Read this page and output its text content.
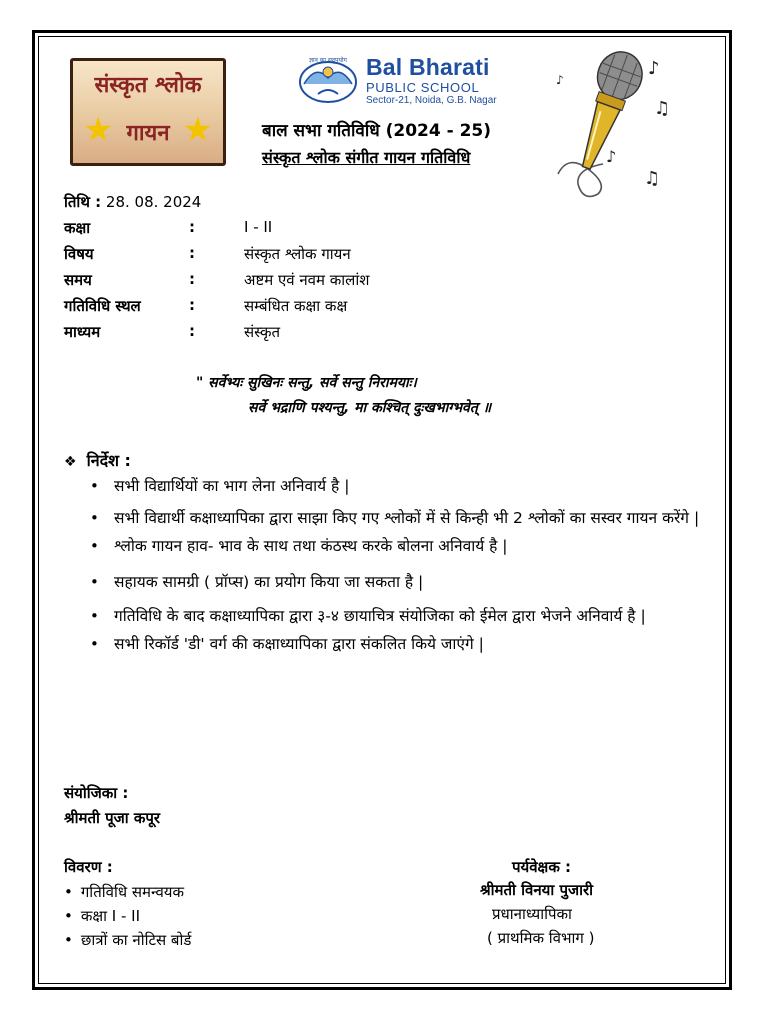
संस्कृत श्लोक
★ गायन ★
ज्ञान का सदुपयोग Bal Bharati
PUBLIC SCHOOL
Sector-21, Noida, G.B. Nagar
बाल सभा गतिविधि (2024 - 25)
संस्कृत श्लोक संगीत गायन गतिविधि
♪
♫
♪
♫
♪
तिथि : 28. 08. 2024
कक्षा	:	I - II
विषय	:	संस्कृत श्लोक गायन
समय	:	अष्टम एवं नवम कालांश
गतिविधि स्थल	:	सम्बंधित कक्षा कक्ष
माध्यम	:	संस्कृत
" सर्वेभ्यः सुखिनः सन्तु, सर्वे सन्तु निरामयाः।
सर्वे भद्राणि पश्यन्तु, मा कश्चित् दुःखभाग्भवेत् ॥
❖ निर्देश :
• सभी विद्यार्थियों का भाग लेना अनिवार्य है |
• सभी विद्यार्थी कक्षाध्यापिका द्वारा साझा किए गए श्लोकों में से किन्ही भी 2 श्लोकों का सस्वर गायन करेंगे |
• श्लोक गायन हाव- भाव के साथ तथा कंठस्थ करके बोलना अनिवार्य है |
• सहायक सामग्री ( प्रॉप्स) का प्रयोग किया जा सकता है |
• गतिविधि के बाद कक्षाध्यापिका द्वारा ३-४ छायाचित्र संयोजिका को ईमेल द्वारा भेजने अनिवार्य है |
• सभी रिकॉर्ड 'डी' वर्ग की कक्षाध्यापिका द्वारा संकलित किये जाएंगे |
संयोजिका :
श्रीमती पूजा कपूर
विवरण :
• गतिविधि समन्वयक
• कक्षा I - II
• छात्रों का नोटिस बोर्ड
पर्यवेक्षक :
श्रीमती विनया पुजारी
प्रधानाध्यापिका
( प्राथमिक विभाग )
